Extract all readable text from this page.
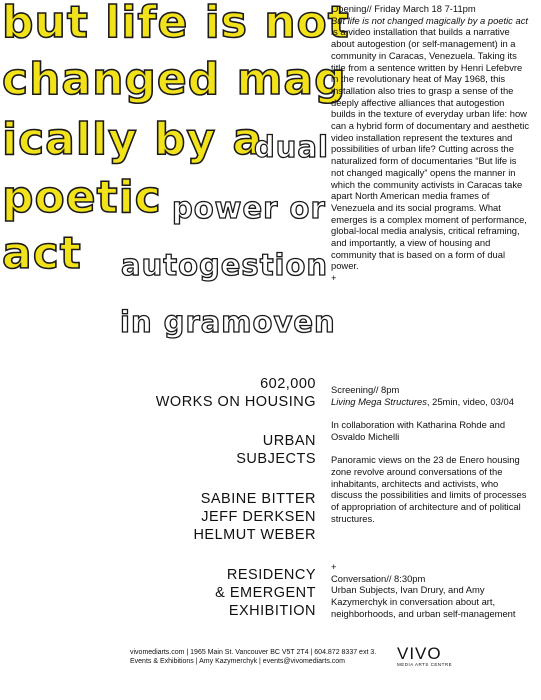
but life is not
changed mag
ically by a
poetic
act
dual
power or
autogestion
in gramoven
602,000
WORKS ON HOUSING
URBAN
SUBJECTS
SABINE BITTER
JEFF DERKSEN
HELMUT WEBER
RESIDENCY
& EMERGENT
EXHIBITION

Opening// Friday March 18 7-11pm

But life is not changed magically by a poetic act is a video installation that builds a narrative about autogestion (or self-management) in a community in Caracas, Venezuela. Taking its title from a sentence written by Henri Lefebvre in the revolutionary heat of May 1968, this installation also tries to grasp a sense of the deeply affective alliances that autogestion builds in the texture of everyday urban life: how can a hybrid form of documentary and aesthetic video installation represent the textures and possibilities of urban life? Cutting across the naturalized form of documentaries “But life is not changed magically” opens the manner in which the community activists in Caracas take apart North American media frames of Venezuela and its social programs. What emerges is a complex moment of performance, global-local media analysis, critical reframing, and importantly, a view of housing and community that is based on a form of dual power.

+

Screening// 8pm

Living Mega Structures, 25min, video, 03/04

In collaboration with Katharina Rohde and Osvaldo Michelli

Panoramic views on the 23 de Enero housing zone revolve around conversations of the inhabitants, architects and activists, who discuss the possibilities and limits of processes of appropriation of architecture and of political structures.

+

Conversation// 8:30pm

Urban Subjects, Ivan Drury, and Amy Kazymerchyk in conversation about art, neighborhoods, and urban self-management

vivomediarts.com | 1965 Main St. Vancouver BC V5T 2T4 | 604.872 8337 ext 3.
Events & Exhibitions | Amy Kazymerchyk | events@vivomediarts.com	VIVO
MEDIA ARTS CENTRE
